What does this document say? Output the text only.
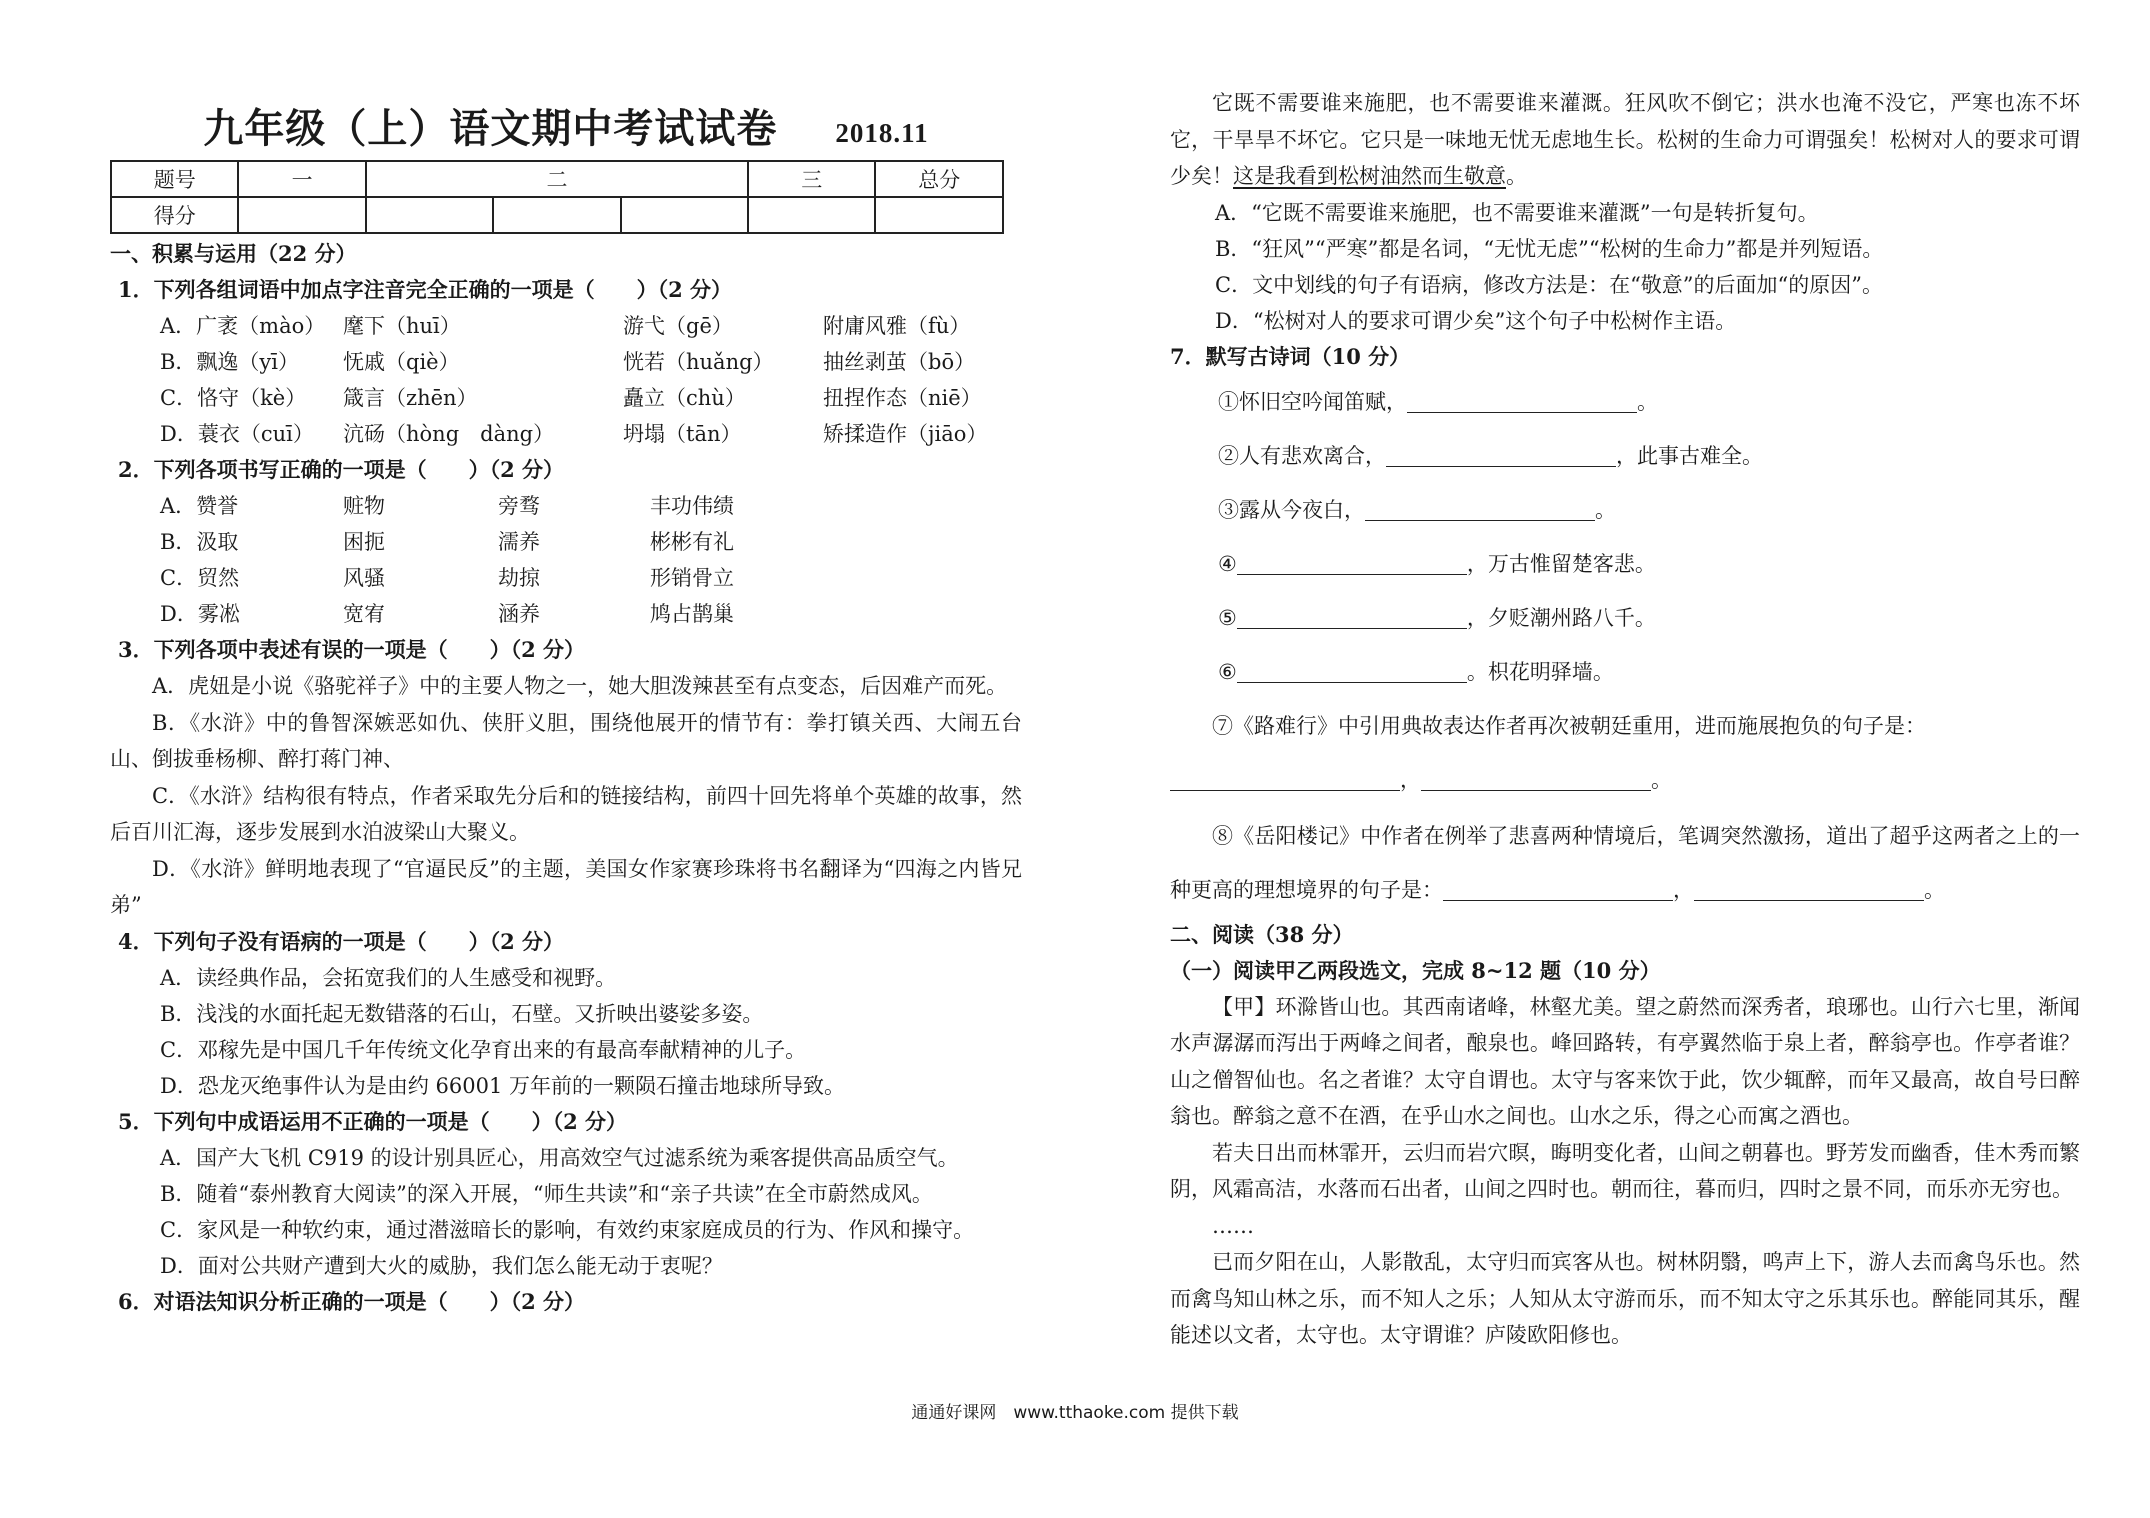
九年级（上）语文期中考试试卷 2018.11
题号	一	二			三	总分
得分						
一、积累与运用（22 分）
1．下列各组词语中加点字注音完全正确的一项是（　　）（2 分）
A．广袤（mào） 麾下（huī）	游弋（gē）	附庸风雅（fù）
B．飘逸（yī）	怃戚（qiè）	恍若（huǎng）	抽丝剥茧（bō）
C．恪守（kè）	箴言（zhēn）	矗立（chù）	扭捏作态（niē）
D．蓑衣（cuī）	沆砀（hòng　dàng）	坍塌（tān）	矫揉造作（jiāo）
2．下列各项书写正确的一项是（　　）（2 分）
A．赞誉	赃物	旁骛	丰功伟绩
B．汲取	困扼	濡养	彬彬有礼
C．贸然	风骚	劫掠	形销骨立
D．雾凇	宽宥	涵养	鸠占鹊巢
3．下列各项中表述有误的一项是（　　）（2 分）
A．虎妞是小说《骆驼祥子》中的主要人物之一，她大胆泼辣甚至有点变态，后因难产而死。
B．《水浒》中的鲁智深嫉恶如仇、侠肝义胆，围绕他展开的情节有：拳打镇关西、大闹五台山、倒拔垂杨柳、醉打蒋门神、
C．《水浒》结构很有特点，作者采取先分后和的链接结构，前四十回先将单个英雄的故事，然后百川汇海，逐步发展到水泊波梁山大聚义。
D．《水浒》鲜明地表现了“官逼民反”的主题，美国女作家赛珍珠将书名翻译为“四海之内皆兄弟”
4．下列句子没有语病的一项是（　　）（2 分）
A．读经典作品，会拓宽我们的人生感受和视野。
B．浅浅的水面托起无数错落的石山，石壁。又折映出婆娑多姿。
C．邓稼先是中国几千年传统文化孕育出来的有最高奉献精神的儿子。
D．恐龙灭绝事件认为是由约 66001 万年前的一颗陨石撞击地球所导致。
5．下列句中成语运用不正确的一项是（　　）（2 分）
A．国产大飞机 C919 的设计别具匠心，用高效空气过滤系统为乘客提供高品质空气。
B．随着“泰州教育大阅读”的深入开展，“师生共读”和“亲子共读”在全市蔚然成风。
C．家风是一种软约束，通过潜滋暗长的影响，有效约束家庭成员的行为、作风和操守。
D．面对公共财产遭到大火的威胁，我们怎么能无动于衷呢？
6．对语法知识分析正确的一项是（　　）（2 分）
它既不需要谁来施肥，也不需要谁来灌溉。狂风吹不倒它；洪水也淹不没它，严寒也冻不坏它，干旱旱不坏它。它只是一味地无忧无虑地生长。松树的生命力可谓强矣！松树对人的要求可谓少矣！这是我看到松树油然而生敬意。
A．“它既不需要谁来施肥，也不需要谁来灌溉”一句是转折复句。
B．“狂风”“严寒”都是名词，“无忧无虑”“松树的生命力”都是并列短语。
C．文中划线的句子有语病，修改方法是：在“敬意”的后面加“的原因”。
D．“松树对人的要求可谓少矣”这个句子中松树作主语。
7．默写古诗词（10 分）
①怀旧空吟闻笛赋，	。
②人有悲欢离合，	，此事古难全。
③露从今夜白，	。
④	，万古惟留楚客悲。
⑤	，夕贬潮州路八千。
⑥	。枳花明驿墙。
⑦《路难行》中引用典故表达作者再次被朝廷重用，进而施展抱负的句子是：
，	。
⑧《岳阳楼记》中作者在例举了悲喜两种情境后，笔调突然激扬，道出了超乎这两者之上的一种更高的理想境界的句子是：	，	。
二、阅读（38 分）
（一）阅读甲乙两段选文，完成 8~12 题（10 分）
【甲】环滁皆山也。其西南诸峰，林壑尤美。望之蔚然而深秀者，琅琊也。山行六七里，渐闻水声潺潺而泻出于两峰之间者，酿泉也。峰回路转，有亭翼然临于泉上者，醉翁亭也。作亭者谁？山之僧智仙也。名之者谁？太守自谓也。太守与客来饮于此，饮少辄醉，而年又最高，故自号曰醉翁也。醉翁之意不在酒，在乎山水之间也。山水之乐，得之心而寓之酒也。
若夫日出而林霏开，云归而岩穴暝，晦明变化者，山间之朝暮也。野芳发而幽香，佳木秀而繁阴，风霜高洁，水落而石出者，山间之四时也。朝而往，暮而归，四时之景不同，而乐亦无穷也。
……
已而夕阳在山，人影散乱，太守归而宾客从也。树林阴翳，鸣声上下，游人去而禽鸟乐也。然而禽鸟知山林之乐，而不知人之乐；人知从太守游而乐，而不知太守之乐其乐也。醉能同其乐，醒能述以文者，太守也。太守谓谁？庐陵欧阳修也。
通通好课网　www.tthaoke.com 提供下载
